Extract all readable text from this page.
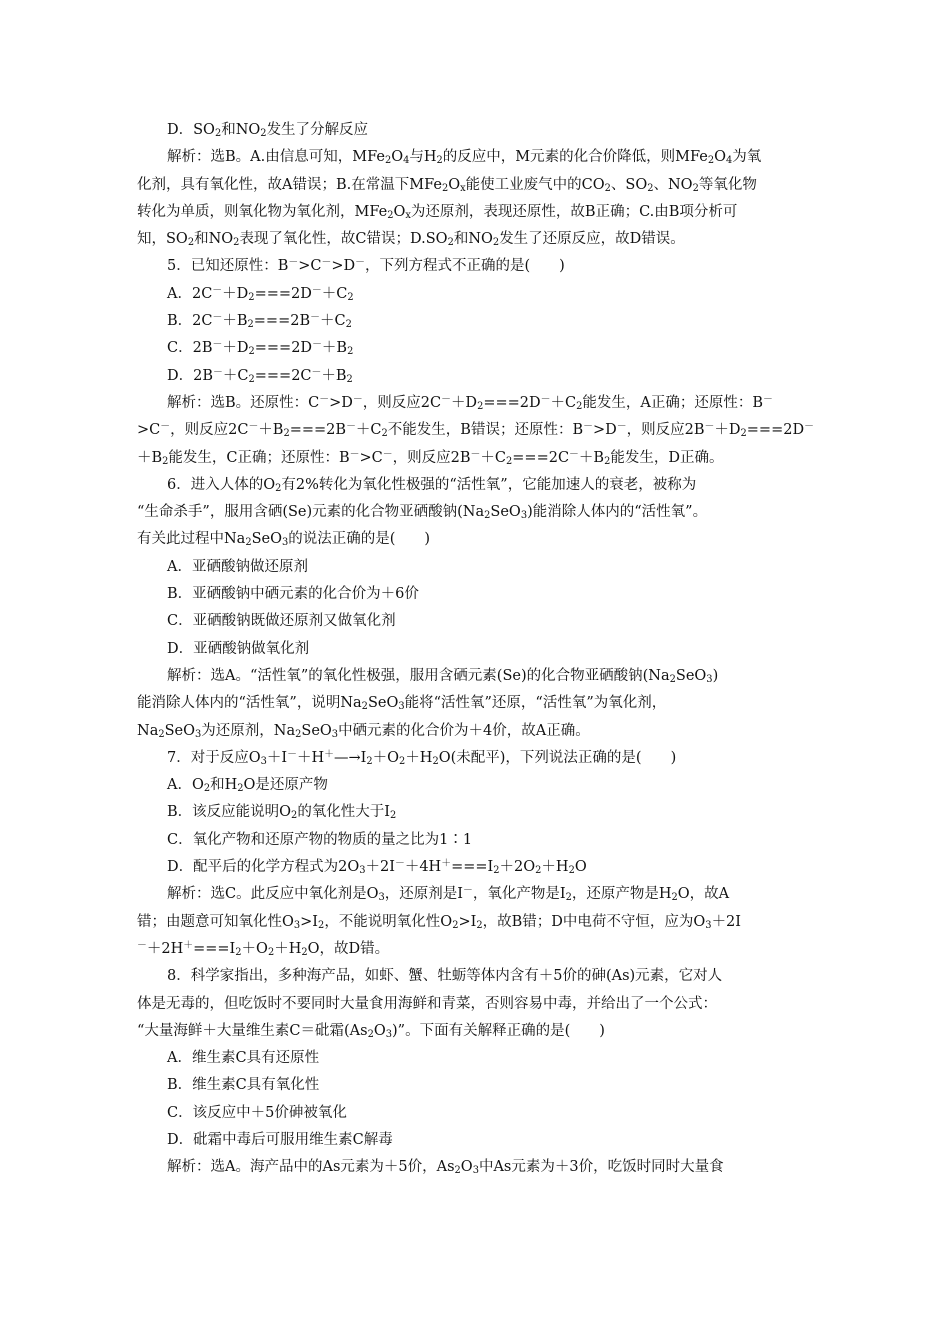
D．$SO_2$和$NO_2$发生了分解反应
解析：选B。A.由信息可知，$MFe_2O_4$与$H_2$的反应中，M元素的化合价降低，则$MFe_2O_4$为氧
化剂，具有氧化性，故A错误；B.在常温下$MFe_2O_x$能使工业废气中的$CO_2$、$SO_2$、$NO_2$等氧化物
转化为单质，则氧化物为氧化剂，$MFe_2O_x$为还原剂，表现还原性，故B正确；C.由B项分析可
知，$SO_2$和$NO_2$表现了氧化性，故C错误；$D.SO_2$和$NO_2$发生了还原反应，故D错误。
5．已知还原性：B－>C－>D－，下列方程式不正确的是(　　)
A．$2C^-+D_2===2D^-+C_2$
B．$2C^-+B_2===2B^-+C_2$
C．$2B^-+D_2===2D^-+B_2$
D．$2B^-+C_2===2C^-+B_2$
解析：选B。还原性：C－>D－，则反应$2C^-+D_2===2D^-+C_2$能发生，A正确；还原性：B－
>C－，则反应$2C^-+B_2===2B^-+C_2$不能发生，B错误；还原性：B－>D－，则反应$2B^-+D_2===2D^-$
$+B_2$能发生，C正确；还原性：B－>C－，则反应$2B^-+C_2===2C^-+B_2$能发生，D正确。
6．进入人体的$O_2$有2%转化为氧化性极强的“活性氧”，它能加速人的衰老，被称为
“生命杀手”，服用含硒(Se)元素的化合物亚硒酸钠$(Na_2SeO_3)$能消除人体内的“活性氧”。
有关此过程中$Na_2SeO_3$的说法正确的是(　　)
A．亚硒酸钠做还原剂
B．亚硒酸钠中硒元素的化合价为＋6价
C．亚硒酸钠既做还原剂又做氧化剂
D．亚硒酸钠做氧化剂
解析：选A。“活性氧”的氧化性极强，服用含硒元素(Se)的化合物亚硒酸钠$(Na_2SeO_3)$
能消除人体内的“活性氧”，说明$Na_2SeO_3$能将“活性氧”还原，“活性氧”为氧化剂，
$Na_2SeO_3$为还原剂，$Na_2SeO_3$中硒元素的化合价为＋4价，故A正确。
7．对于反应$O_3+I^-+H^+—\to I_2+O_2+H_2O$(未配平)，下列说法正确的是(　　)
A．$O_2$和$H_2O$是还原产物
B．该反应能说明$O_2$的氧化性大于$I_2$
C．氧化产物和还原产物的物质的量之比为1∶1
D．配平后的化学方程式为$2O_3+2I^-+4H^+===I_2+2O_2+H_2O$
解析：选C。此反应中氧化剂是$O_3$，还原剂是I－，氧化产物是$I_2$，还原产物是$H_2O$，故A
错；由题意可知氧化性$O_3>I_2$，不能说明氧化性$O_2>I_2$，故B错；D中电荷不守恒，应为$O_3+2I$
$^-+2H^+===I_2+O_2+H_2O$，故D错。
8．科学家指出，多种海产品，如虾、蟹、牡蛎等体内含有＋5价的砷(As)元素，它对人
体是无毒的，但吃饭时不要同时大量食用海鲜和青菜，否则容易中毒，并给出了一个公式：
“大量海鲜＋大量维生素C＝砒霜$(As_2O_3)$”。下面有关解释正确的是(　　)
A．维生素C具有还原性
B．维生素C具有氧化性
C．该反应中＋5价砷被氧化
D．砒霜中毒后可服用维生素C解毒
解析：选A。海产品中的As元素为＋5价，$As_2O_3$中As元素为＋3价，吃饭时同时大量食
